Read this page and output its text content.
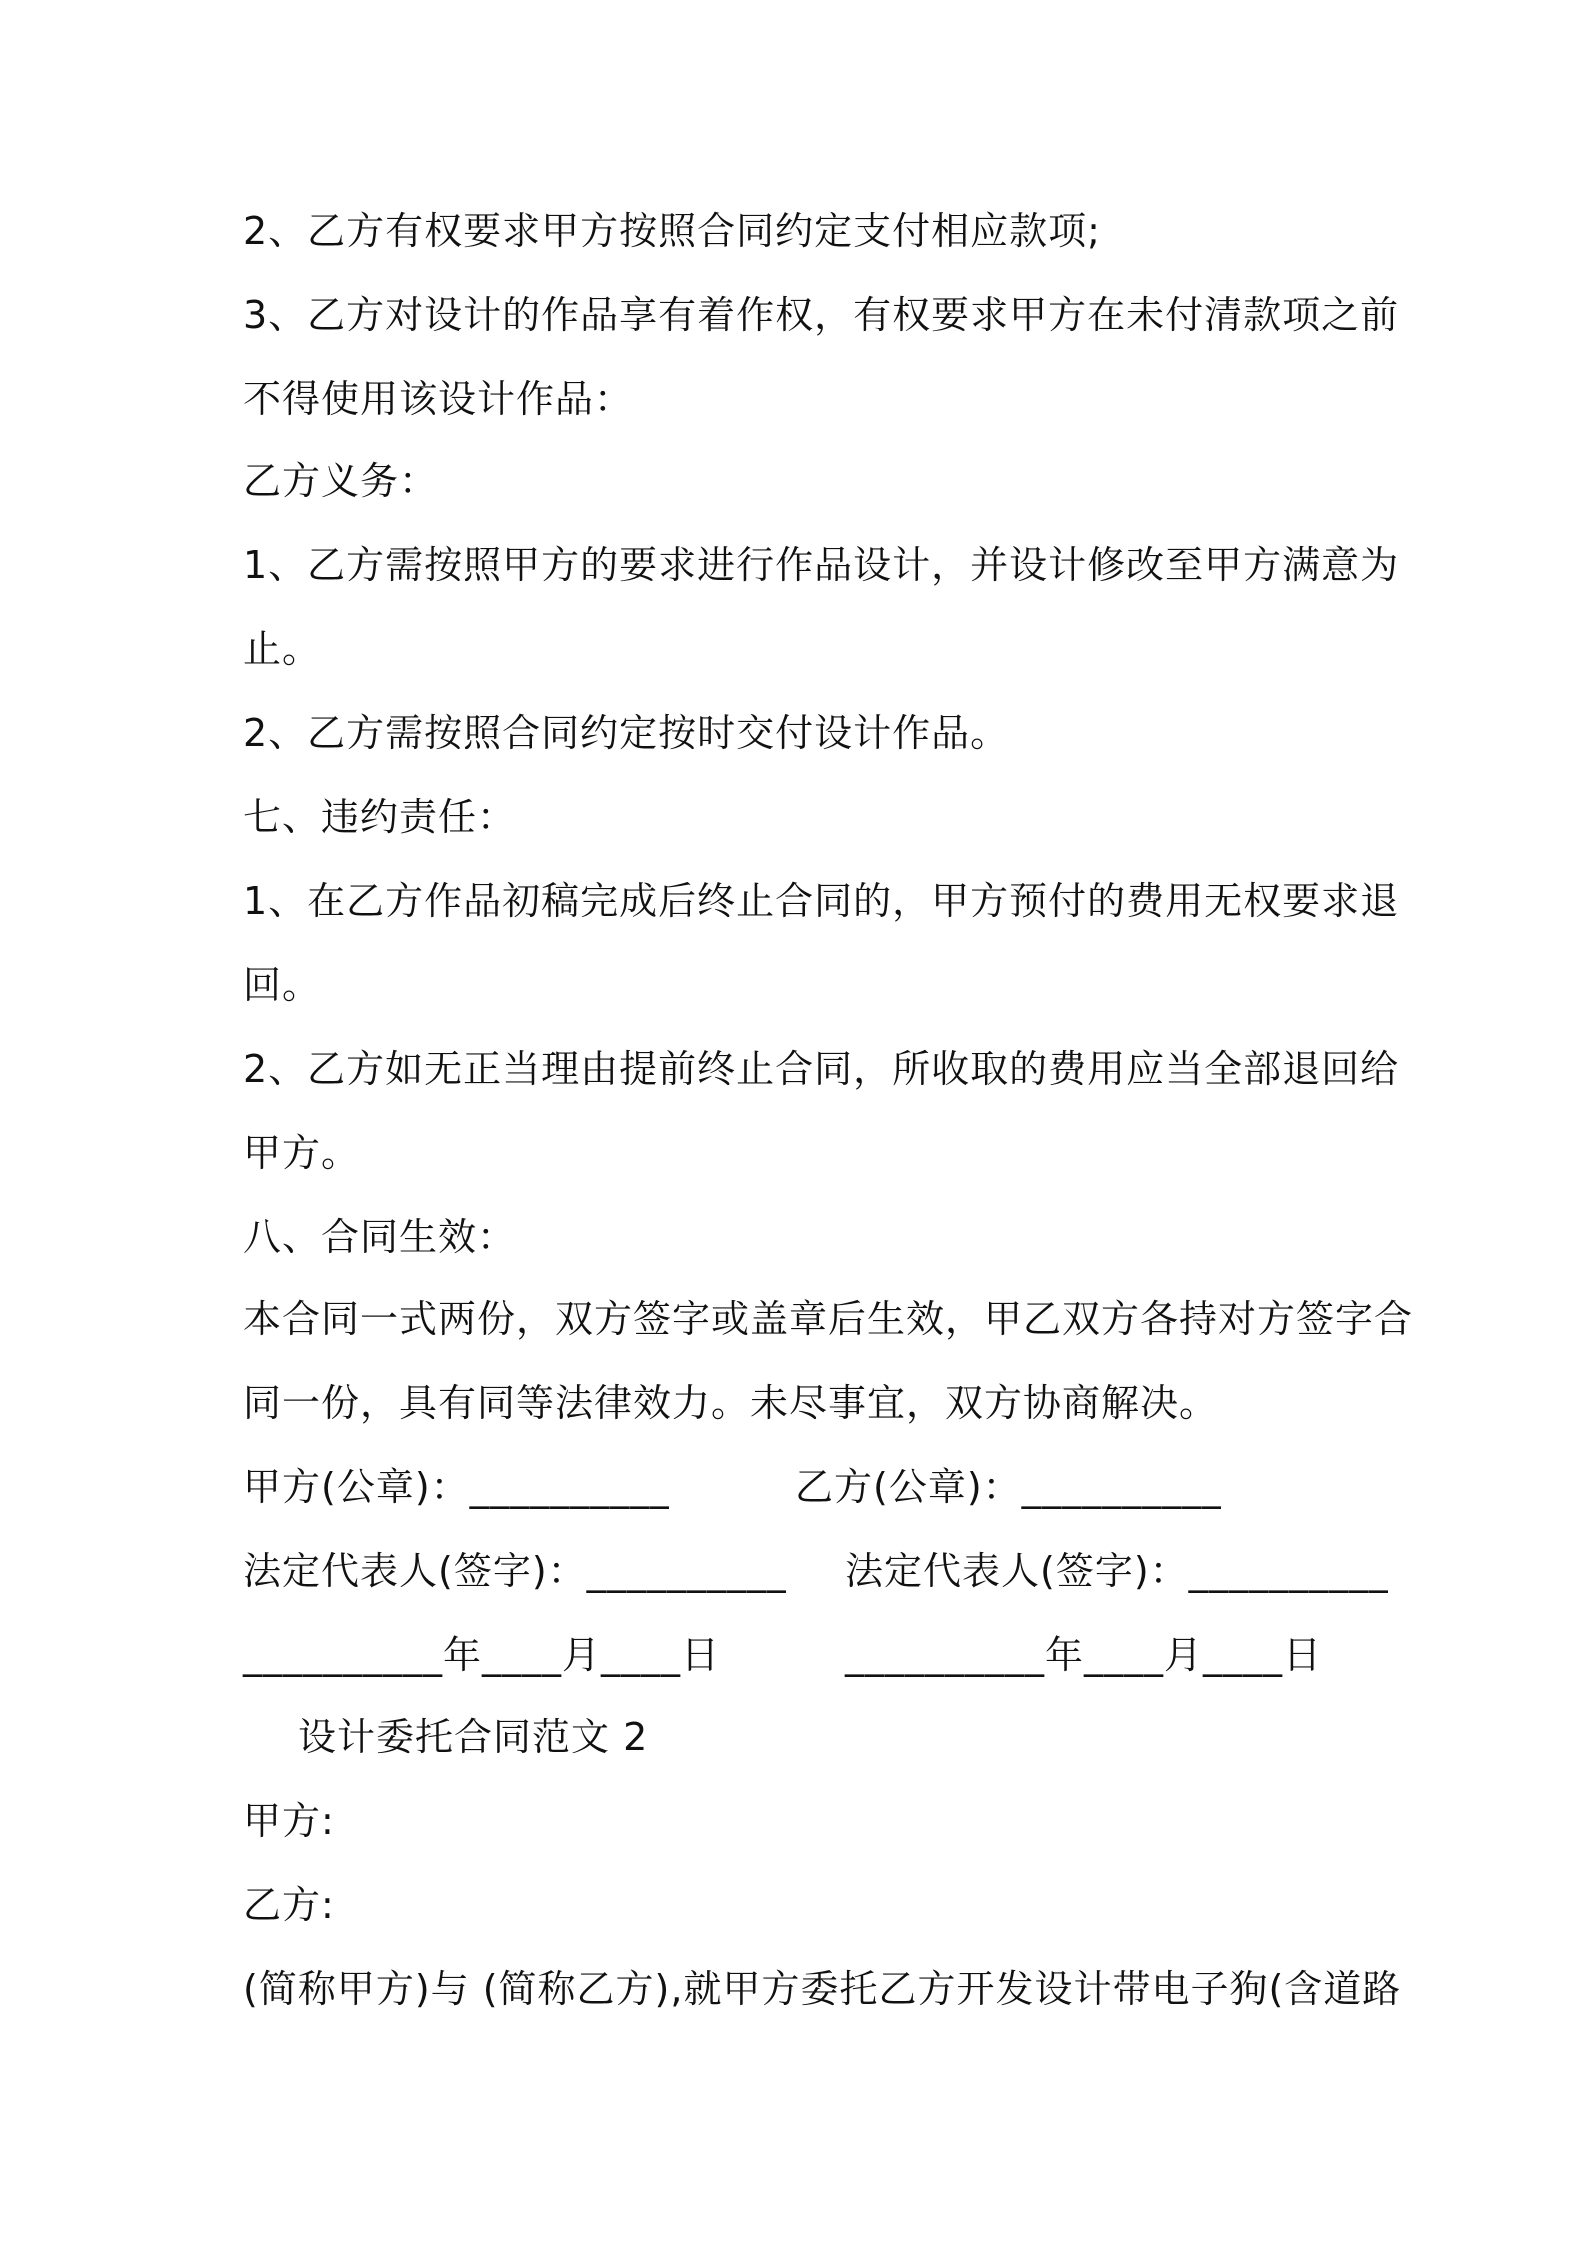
2、乙方有权要求甲方按照合同约定支付相应款项;
3、乙方对设计的作品享有着作权，有权要求甲方在未付清款项之前
不得使用该设计作品：
乙方义务：
1、乙方需按照甲方的要求进行作品设计，并设计修改至甲方满意为
止。
2、乙方需按照合同约定按时交付设计作品。
七、违约责任：
1、在乙方作品初稿完成后终止合同的，甲方预付的费用无权要求退
回。
2、乙方如无正当理由提前终止合同，所收取的费用应当全部退回给
甲方。
八、合同生效：
本合同一式两份，双方签字或盖章后生效，甲乙双方各持对方签字合
同一份，具有同等法律效力。未尽事宜，双方协商解决。
甲方(公章)：__________	乙方(公章)：__________
法定代表人(签字)：__________ 法定代表人(签字)：__________
__________年____月____日	__________年____月____日
设计委托合同范文 2
甲方:
乙方:
(简称甲方)与 (简称乙方),就甲方委托乙方开发设计带电子狗(含道路
